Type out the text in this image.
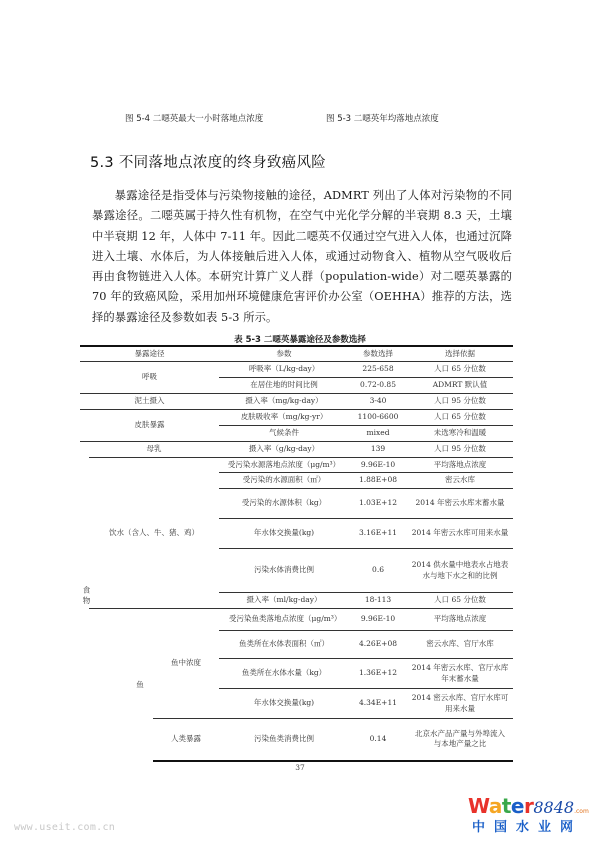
图 5-4 二噁英最大一小时落地点浓度	图 5-3 二噁英年均落地点浓度
5.3 不同落地点浓度的终身致癌风险

暴露途径是指受体与污染物接触的途径，ADMRT 列出了人体对污染物的不同暴露途径。二噁英属于持久性有机物，在空气中光化学分解的半衰期 8.3 天，土壤中半衰期 12 年，人体中 7-11 年。因此二噁英不仅通过空气进入人体，也通过沉降进入土壤、水体后，为人体接触后进入人体，或通过动物食入、植物从空气吸收后再由食物链进入人体。本研究计算广义人群（population-wide）对二噁英暴露的 70 年的致癌风险，采用加州环境健康危害评价办公室（OEHHA）推荐的方法，选择的暴露途径及参数如表 5-3 所示。

表 5-3 二噁英暴露途径及参数选择
暴露途径			参数	参数选择	选择依据
呼吸			呼吸率（L/kg-day）	225-658	人口 65 分位数
			在居住地的时间比例	0.72-0.85	ADMRT 默认值
泥土摄入			摄入率（mg/kg-day）	3-40	人口 95 分位数
皮肤暴露			皮肤吸收率（mg/kg-yr）	1100-6600	人口 65 分位数
			气候条件	mixed	未选寒冷和温暖
食物	母乳		摄入率（g/kg-day）	139	人口 95 分位数
	饮水（含人、牛、猪、鸡）		受污染水源落地点浓度（μg/m³）	9.96E-10	平均落地点浓度
			受污染的水源面积（㎡）	1.88E+08	密云水库
			受污染的水源体积（kg）	1.03E+12	2014 年密云水库末蓄水量
			年水体交换量(kg)	3.16E+11	2014 年密云水库可用来水量
			污染水体消费比例	0.6	2014 供水量中地表水占地表水与地下水之和的比例
			摄入率（ml/kg-day）	18-113	人口 65 分位数
	鱼	鱼中浓度	受污染鱼类落地点浓度（μg/m³）	9.96E-10	平均落地点浓度
			鱼类所在水体表面积（㎡）	4.26E+08	密云水库、官厅水库
			鱼类所在水体水量（kg）	1.36E+12	2014 年密云水库、官厅水库年末蓄水量
			年水体交换量(kg)	4.34E+11	2014 密云水库、官厅水库可用来水量
		人类暴露	污染鱼类消费比例	0.14	北京水产品产量与外埠流入与本地产量之比
37
www.useit.com.cn
Water8848.com
中国水业网
